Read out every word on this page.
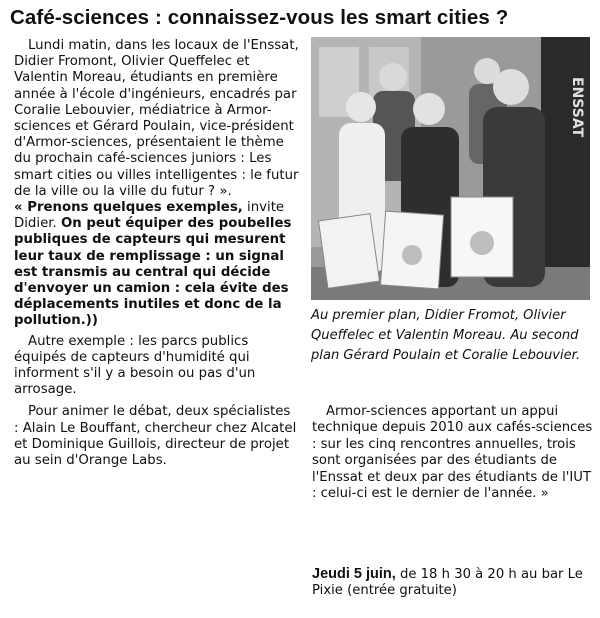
Café-sciences : connaissez-vous les smart cities ?

Lundi matin, dans les locaux de l'Enssat, Didier Fromont, Olivier Queffelec et Valentin Moreau, étudiants en première année à l'école d'ingénieurs, encadrés par Coralie Lebouvier, médiatrice à Armor-sciences et Gérard Poulain, vice-président d'Armor-sciences, présentaient le thème du prochain café-sciences juniors : Les smart cities ou villes intelligentes : le futur de la ville ou la ville du futur ? ».

« Prenons quelques exemples, invite Didier. On peut équiper des poubelles publiques de capteurs qui mesurent leur taux de remplissage : un signal est transmis au central qui décide d'envoyer un camion : cela évite des déplacements inutiles et donc de la pollution.))

Autre exemple : les parcs publics équipés de capteurs d'humidité qui informent s'il y a besoin ou pas d'un arrosage.

Pour animer le débat, deux spécialistes : Alain Le Bouffant, chercheur chez Alcatel et Dominique Guillois, directeur de projet au sein d'Orange Labs.

ENSSAT
Au premier plan, Didier Fromot, Olivier Queffelec et Valentin Moreau. Au second plan Gérard Poulain et Coralie Lebouvier.

Armor-sciences apportant un appui technique depuis 2010 aux cafés-sciences : sur les cinq rencontres annuelles, trois sont organisées par des étudiants de l'Enssat et deux par des étudiants de l'IUT : celui-ci est le dernier de l'année. »

Jeudi 5 juin, de 18 h 30 à 20 h au bar Le Pixie (entrée gratuite)
